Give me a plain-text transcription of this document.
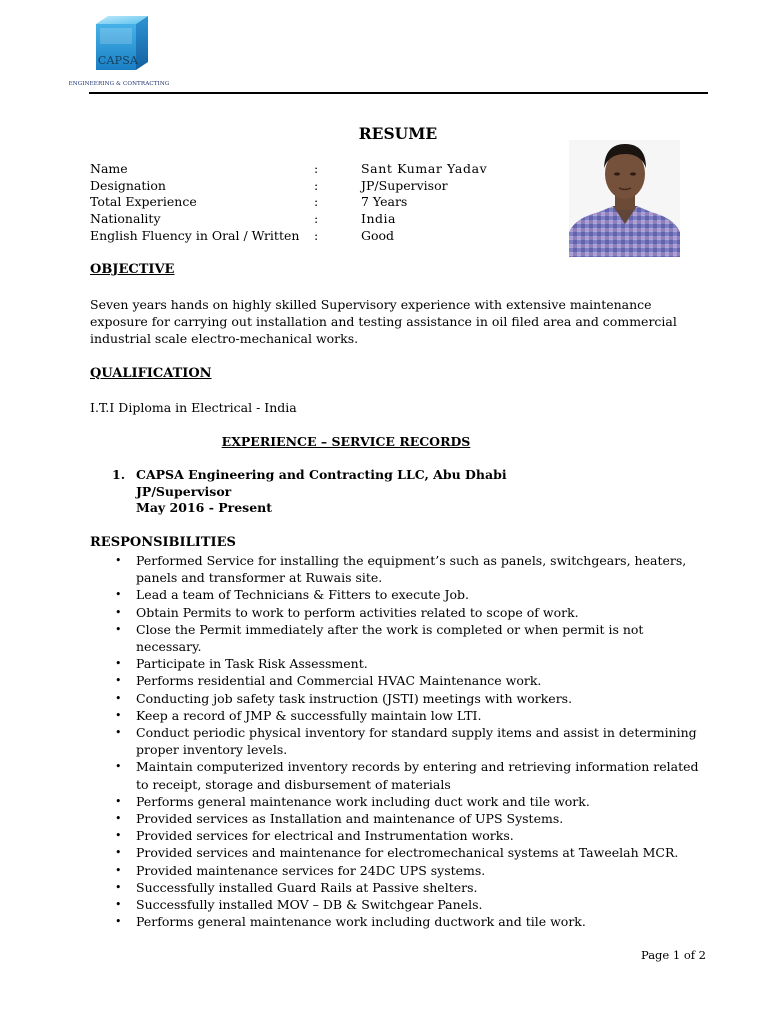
CAPSA
ENGINEERING & CONTRACTING
RESUME
Name	:	Sant Kumar Yadav
Designation	:	JP/Supervisor
Total Experience	:	7 Years
Nationality	:	India
English Fluency in Oral / Written :	Good
OBJECTIVE
Seven years hands on highly skilled Supervisory experience with extensive maintenance exposure for carrying out installation and testing assistance in oil filed area and commercial industrial scale electro-mechanical works.
QUALIFICATION
I.T.I Diploma in Electrical - India
EXPERIENCE – SERVICE RECORDS
1. CAPSA Engineering and Contracting LLC, Abu Dhabi
JP/Supervisor
May 2016 - Present
RESPONSIBILITIES
• Performed Service for installing the equipment’s such as panels, switchgears, heaters, panels and transformer at Ruwais site.
• Lead a team of Technicians & Fitters to execute Job.
• Obtain Permits to work to perform activities related to scope of work.
• Close the Permit immediately after the work is completed or when permit is not necessary.
• Participate in Task Risk Assessment.
• Performs residential and Commercial HVAC Maintenance work.
• Conducting job safety task instruction (JSTI) meetings with workers.
• Keep a record of JMP & successfully maintain low LTI.
• Conduct periodic physical inventory for standard supply items and assist in determining proper inventory levels.
• Maintain computerized inventory records by entering and retrieving information related to receipt, storage and disbursement of materials
• Performs general maintenance work including duct work and tile work.
• Provided services as Installation and maintenance of UPS Systems.
• Provided services for electrical and Instrumentation works.
• Provided services and maintenance for electromechanical systems at Taweelah MCR.
• Provided maintenance services for 24DC UPS systems.
• Successfully installed Guard Rails at Passive shelters.
• Successfully installed MOV – DB & Switchgear Panels.
• Performs general maintenance work including ductwork and tile work.
Page 1 of 2
